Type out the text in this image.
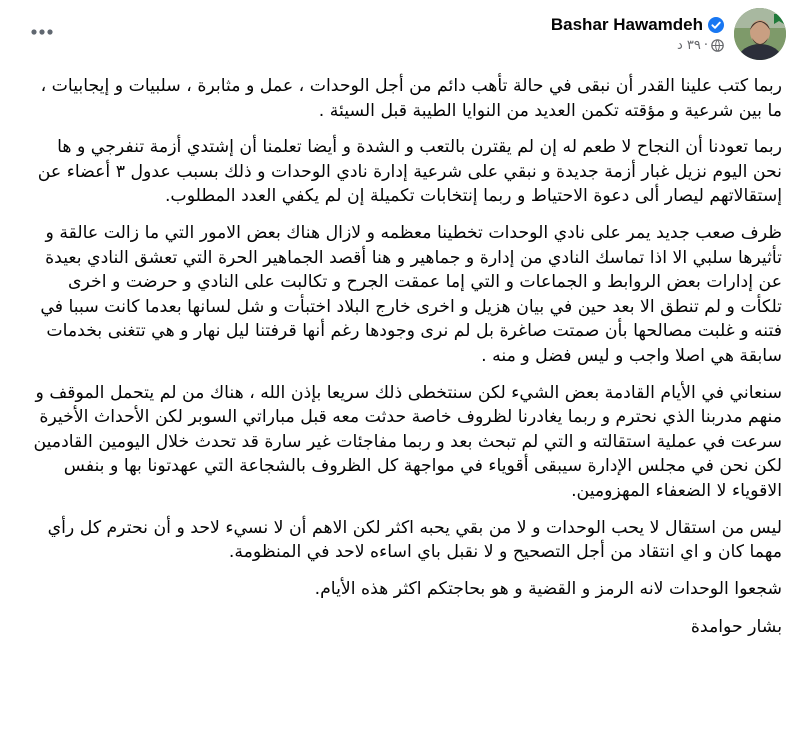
Bashar Hawamdeh
٣٩ د ·

ربما كتب علينا القدر أن نبقى في حالة تأهب دائم من أجل الوحدات ، عمل و مثابرة ، سلبيات و إيجابيات ، ما بين شرعية و مؤقته تكمن العديد من النوايا الطيبة قبل السيئة .

ربما تعودنا أن النجاح لا طعم له إن لم يقترن بالتعب و الشدة و أيضا تعلمنا أن إشتدي أزمة تنفرجي و ها نحن اليوم نزيل غبار أزمة جديدة و نبقي على شرعية إدارة نادي الوحدات و ذلك بسبب عدول ٣ أعضاء عن إستقالاتهم ليصار ألى دعوة الاحتياط و ربما إنتخابات تكميلة إن لم يكفي العدد المطلوب.

ظرف صعب جديد يمر على نادي الوحدات تخطينا معظمه و لازال هناك بعض الامور التي ما زالت عالقة و تأثيرها سلبي الا اذا تماسك النادي من إدارة و جماهير و هنا أقصد الجماهير الحرة التي تعشق النادي بعيدة عن إدارات بعض الروابط و الجماعات و التي إما عمقت الجرح و تكالبت على النادي و حرضت و اخرى تلكأت و لم تنطق الا بعد حين في بيان هزيل و اخرى خارج البلاد اختبأت و شل لسانها بعدما كانت سببا في فتنه و غلبت مصالحها بأن صمتت صاغرة بل لم نرى وجودها رغم أنها قرفتنا ليل نهار و هي تتغنى بخدمات سابقة هي اصلا واجب و ليس فضل و منه .

سنعاني في الأيام القادمة بعض الشيء لكن سنتخطى ذلك سريعا بإذن الله ، هناك من لم يتحمل الموقف و منهم مدربنا الذي نحترم و ربما يغادرنا لظروف خاصة حدثت معه قبل مباراتي السوبر لكن الأحداث الأخيرة سرعت في عملية استقالته و التي لم تبحث بعد و ربما مفاجئات غير سارة قد تحدث خلال اليومين القادمين لكن نحن في مجلس الإدارة سيبقى أقوياء في مواجهة كل الظروف بالشجاعة التي عهدتونا بها و بنفس الاقوياء لا الضعفاء المهزومين.

ليس من استقال لا يحب الوحدات و لا من بقي يحبه اكثر لكن الاهم أن لا نسيء لاحد و أن نحترم كل رأي مهما كان و اي انتقاد من أجل التصحيح و لا نقبل باي اساءه لاحد في المنظومة.

شجعوا الوحدات لانه الرمز و القضية و هو بحاجتكم اكثر هذه الأيام.

بشار حوامدة
